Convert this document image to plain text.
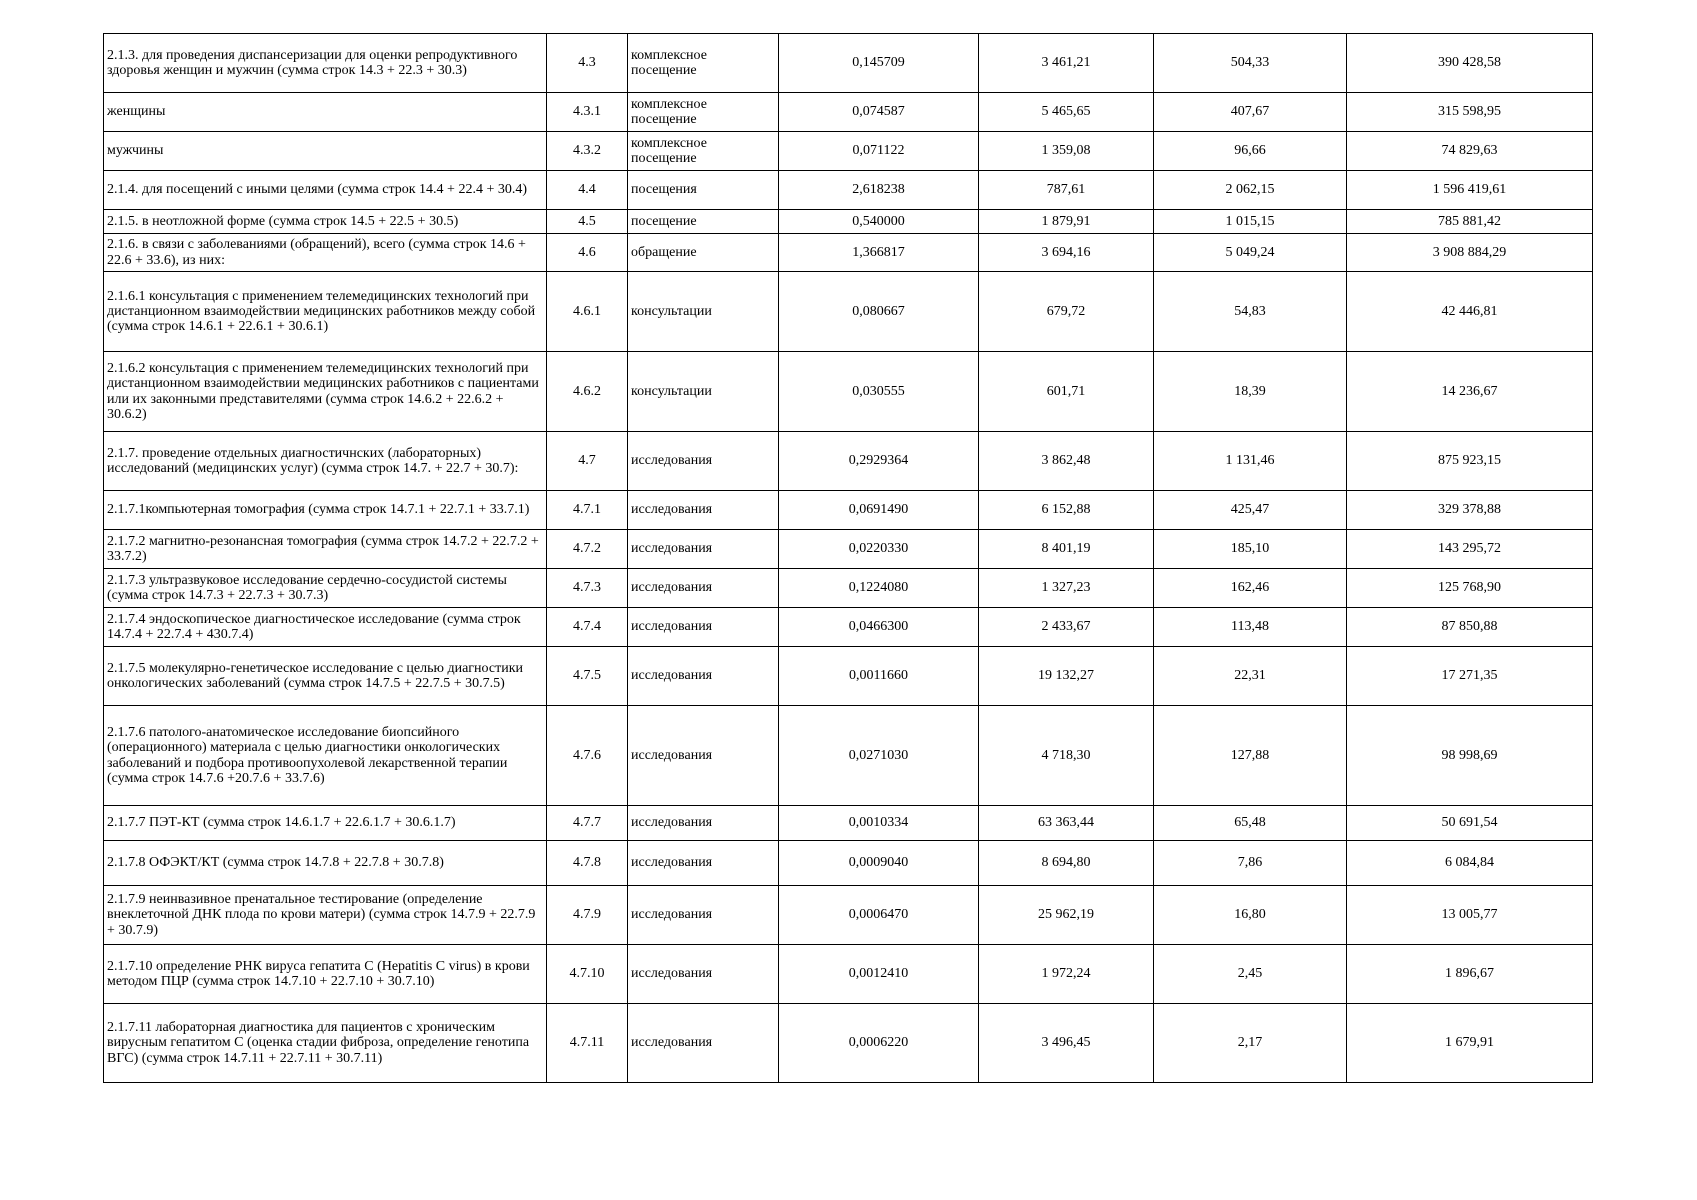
2.1.3. для проведения диспансеризации для оценки репродуктивного здоровья женщин и мужчин (сумма строк 14.3 + 22.3 + 30.3)	4.3	комплексное посещение	0,145709	3 461,21	504,33	390 428,58
женщины	4.3.1	комплексное посещение	0,074587	5 465,65	407,67	315 598,95
мужчины	4.3.2	комплексное посещение	0,071122	1 359,08	96,66	74 829,63
2.1.4. для посещений с иными целями (сумма строк 14.4 + 22.4 + 30.4)	4.4	посещения	2,618238	787,61	2 062,15	1 596 419,61
2.1.5. в неотложной форме (сумма строк 14.5 + 22.5 + 30.5)	4.5	посещение	0,540000	1 879,91	1 015,15	785 881,42
2.1.6. в связи с заболеваниями (обращений), всего (сумма строк 14.6 + 22.6 + 33.6), из них:	4.6	обращение	1,366817	3 694,16	5 049,24	3 908 884,29
2.1.6.1 консультация с применением телемедицинских технологий при дистанционном взаимодействии медицинских работников между собой (сумма строк 14.6.1 + 22.6.1 + 30.6.1)	4.6.1	консультации	0,080667	679,72	54,83	42 446,81
2.1.6.2 консультация с применением телемедицинских технологий при дистанционном взаимодействии медицинских работников с пациентами или их законными представителями (сумма строк 14.6.2 + 22.6.2 + 30.6.2)	4.6.2	консультации	0,030555	601,71	18,39	14 236,67
2.1.7. проведение отдельных диагностичнских (лабораторных) исследований (медицинских услуг) (сумма строк 14.7. + 22.7 + 30.7):	4.7	исследования	0,2929364	3 862,48	1 131,46	875 923,15
2.1.7.1компьютерная томография (сумма строк 14.7.1 + 22.7.1 + 33.7.1)	4.7.1	исследования	0,0691490	6 152,88	425,47	329 378,88
2.1.7.2 магнитно-резонансная томография (сумма строк 14.7.2 + 22.7.2 + 33.7.2)	4.7.2	исследования	0,0220330	8 401,19	185,10	143 295,72
2.1.7.3 ультразвуковое исследование сердечно-сосудистой системы (сумма строк 14.7.3 + 22.7.3 + 30.7.3)	4.7.3	исследования	0,1224080	1 327,23	162,46	125 768,90
2.1.7.4 эндоскопическое диагностическое исследование (сумма строк 14.7.4 + 22.7.4 + 430.7.4)	4.7.4	исследования	0,0466300	2 433,67	113,48	87 850,88
2.1.7.5 молекулярно-генетическое исследование с целью диагностики онкологических заболеваний (сумма строк 14.7.5 + 22.7.5 + 30.7.5)	4.7.5	исследования	0,0011660	19 132,27	22,31	17 271,35
2.1.7.6 патолого-анатомическое исследование биопсийного (операционного) материала с целью диагностики онкологических заболеваний и подбора противоопухолевой лекарственной терапии (сумма строк 14.7.6 +20.7.6 + 33.7.6)	4.7.6	исследования	0,0271030	4 718,30	127,88	98 998,69
2.1.7.7 ПЭТ-КТ (сумма строк 14.6.1.7 + 22.6.1.7 + 30.6.1.7)	4.7.7	исследования	0,0010334	63 363,44	65,48	50 691,54
2.1.7.8 ОФЭКТ/КТ (сумма строк 14.7.8 + 22.7.8 + 30.7.8)	4.7.8	исследования	0,0009040	8 694,80	7,86	6 084,84
2.1.7.9 неинвазивное пренатальное тестирование (определение внеклеточной ДНК плода по крови матери) (сумма строк 14.7.9 + 22.7.9 + 30.7.9)	4.7.9	исследования	0,0006470	25 962,19	16,80	13 005,77
2.1.7.10 определение РНК вируса гепатита С (Hepatitis C virus) в крови методом ПЦР (сумма строк 14.7.10 + 22.7.10 + 30.7.10)	4.7.10	исследования	0,0012410	1 972,24	2,45	1 896,67
2.1.7.11 лабораторная диагностика для пациентов с хроническим вирусным гепатитом С (оценка стадии фиброза, определение генотипа ВГС) (сумма строк 14.7.11 + 22.7.11 + 30.7.11)	4.7.11	исследования	0,0006220	3 496,45	2,17	1 679,91
